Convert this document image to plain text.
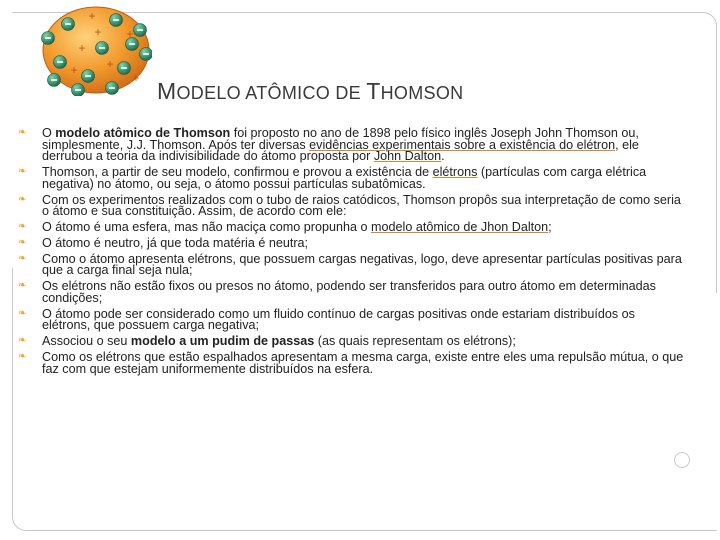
+
+
+
+ +
+
+ MODELO ATÔMICO DE THOMSON
❧ O modelo atômico de Thomson foi proposto no ano de 1898 pelo físico inglês Joseph John Thomson ou, simplesmente, J.J. Thomson. Após ter diversas evidências experimentais sobre a existência do elétron, ele derrubou a teoria da indivisibilidade do átomo proposta por John Dalton.
❧ Thomson, a partir de seu modelo, confirmou e provou a existência de elétrons (partículas com carga elétrica negativa) no átomo, ou seja, o átomo possui partículas subatômicas.
❧ Com os experimentos realizados com o tubo de raios catódicos, Thomson propôs sua interpretação de como seria o átomo e sua constituição. Assim, de acordo com ele:
❧ O átomo é uma esfera, mas não maciça como propunha o modelo atômico de Jhon Dalton;
❧ O átomo é neutro, já que toda matéria é neutra;
❧ Como o átomo apresenta elétrons, que possuem cargas negativas, logo, deve apresentar partículas positivas para que a carga final seja nula;
❧ Os elétrons não estão fixos ou presos no átomo, podendo ser transferidos para outro átomo em determinadas condições;
❧ O átomo pode ser considerado como um fluido contínuo de cargas positivas onde estariam distribuídos os elétrons, que possuem carga negativa;
❧ Associou o seu modelo a um pudim de passas (as quais representam os elétrons);
❧ Como os elétrons que estão espalhados apresentam a mesma carga, existe entre eles uma repulsão mútua, o que faz com que estejam uniformemente distribuídos na esfera.
